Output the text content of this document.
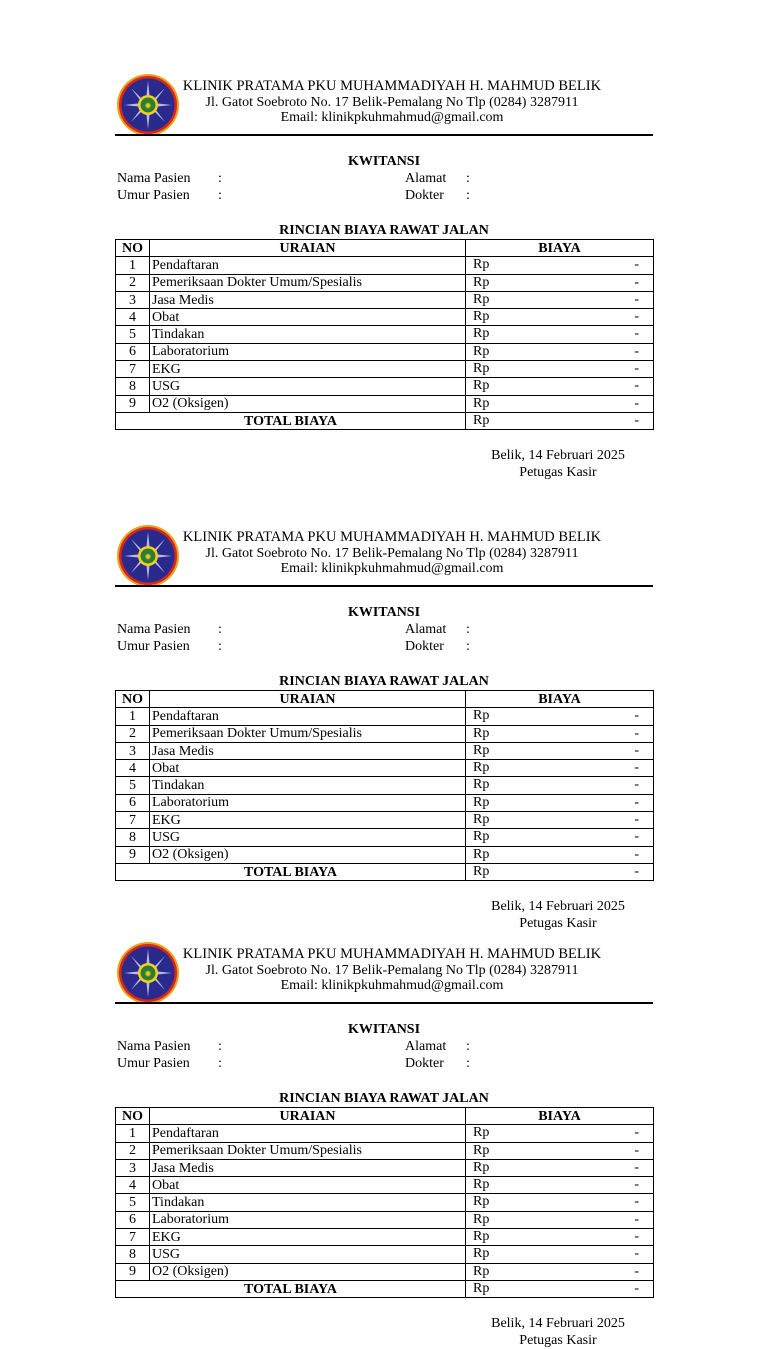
✺
KLINIK PRATAMA PKU MUHAMMADIYAH H. MAHMUD BELIK
Jl. Gatot Soebroto No. 17 Belik-Pemalang No Tlp (0284) 3287911
Email: klinikpkuhmahmud@gmail.com
KWITANSI
Nama Pasien :
Umur Pasien :
Alamat :
Dokter :
RINCIAN BIAYA RAWAT JALAN
NO	URAIAN	BIAYA
1	Pendaftaran	Rp -

2	Pemeriksaan Dokter Umum/Spesialis	Rp -

3	Jasa Medis	Rp -

4	Obat	Rp -

5	Tindakan	Rp -

6	Laboratorium	Rp -

7	EKG	Rp -

8	USG	Rp -

9	O2 (Oksigen)	Rp -

TOTAL BIAYA		Rp -
Belik, 14 Februari 2025
Petugas Kasir
✺
KLINIK PRATAMA PKU MUHAMMADIYAH H. MAHMUD BELIK
Jl. Gatot Soebroto No. 17 Belik-Pemalang No Tlp (0284) 3287911
Email: klinikpkuhmahmud@gmail.com
KWITANSI
Nama Pasien :
Umur Pasien :
Alamat :
Dokter :
RINCIAN BIAYA RAWAT JALAN
NO	URAIAN	BIAYA
1	Pendaftaran	Rp -

2	Pemeriksaan Dokter Umum/Spesialis	Rp -

3	Jasa Medis	Rp -

4	Obat	Rp -

5	Tindakan	Rp -

6	Laboratorium	Rp -

7	EKG	Rp -

8	USG	Rp -

9	O2 (Oksigen)	Rp -

TOTAL BIAYA		Rp -
Belik, 14 Februari 2025
Petugas Kasir
✺
KLINIK PRATAMA PKU MUHAMMADIYAH H. MAHMUD BELIK
Jl. Gatot Soebroto No. 17 Belik-Pemalang No Tlp (0284) 3287911
Email: klinikpkuhmahmud@gmail.com
KWITANSI
Nama Pasien :
Umur Pasien :
Alamat :
Dokter :
RINCIAN BIAYA RAWAT JALAN
NO	URAIAN	BIAYA
1	Pendaftaran	Rp -

2	Pemeriksaan Dokter Umum/Spesialis	Rp -

3	Jasa Medis	Rp -

4	Obat	Rp -

5	Tindakan	Rp -

6	Laboratorium	Rp -

7	EKG	Rp -

8	USG	Rp -

9	O2 (Oksigen)	Rp -

TOTAL BIAYA		Rp -
Belik, 14 Februari 2025
Petugas Kasir
